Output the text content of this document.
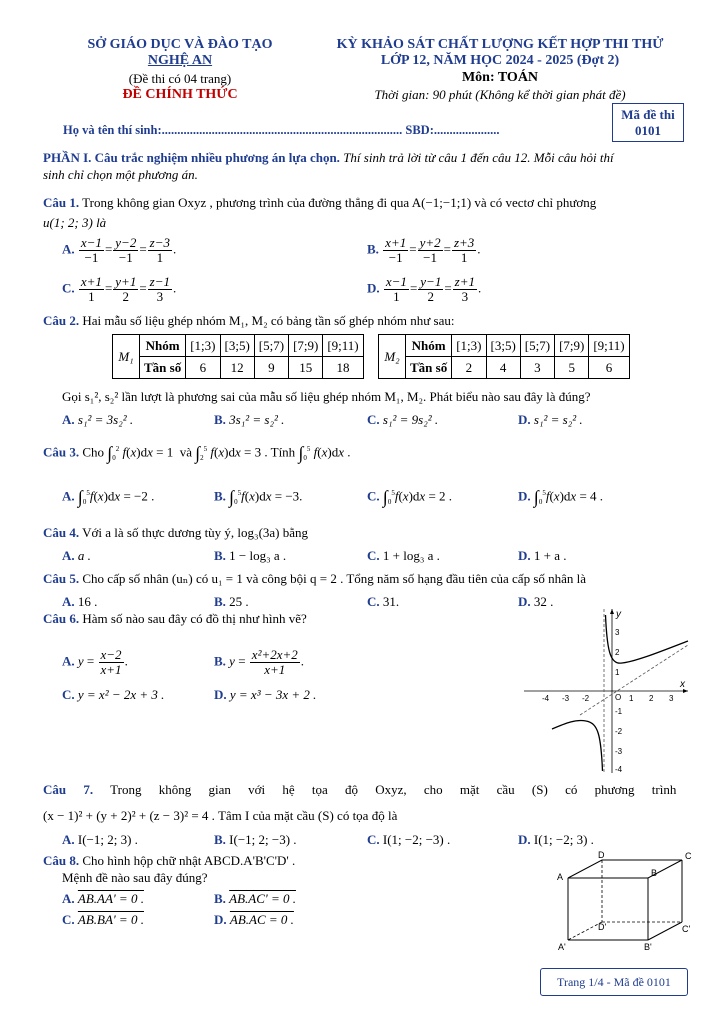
SỞ GIÁO DỤC VÀ ĐÀO TẠO
NGHỆ AN
(Đề thi có 04 trang)
ĐỀ CHÍNH THỨC
KỲ KHẢO SÁT CHẤT LƯỢNG KẾT HỢP THI THỬ
LỚP 12, NĂM HỌC 2024 - 2025 (Đợt 2)
Môn: TOÁN
Thời gian: 90 phút (Không kể thời gian phát đề)
Mã đề thi
0101
Họ và tên thí sinh:............................................................................. SBD:.....................
PHẦN I. Câu trắc nghiệm nhiều phương án lựa chọn. Thí sinh trả lời từ câu 1 đến câu 12. Mỗi câu hỏi thí
sinh chỉ chọn một phương án.
Câu 1. Trong không gian Oxyz , phương trình của đường thẳng đi qua A(−1;−1;1) và có vectơ chỉ phương
u(1; 2; 3) là
A. $\frac{x-1}{-1} = \frac{y-2}{-1} = \frac{z-3}{1}$ .	B. $\frac{x+1}{-1} = \frac{y+2}{-1} = \frac{z+3}{1}$ .
C. $\frac{x+1}{1} = \frac{y+1}{2} = \frac{z-1}{3}$ .	D. $\frac{x-1}{1} = \frac{y-1}{2} = \frac{z+1}{3}$ .
Câu 2. Hai mẫu số liệu ghép nhóm M₁, M₂ có bảng tần số ghép nhóm như sau:
M₁	Nhóm	[1;3)	[3;5)	[5;7)	[7;9)	[9;11)
	Tần số	6	12	9	15	18
M₂	Nhóm	[1;3)	[3;5)	[5;7)	[7;9)	[9;11)
	Tần số	2	4	3	5	6
Gọi s₁², s₂² lần lượt là phương sai của mẫu số liệu ghép nhóm M₁, M₂. Phát biểu nào sau đây là đúng?
A. s₁² = 3s₂² .	B. 3s₁² = s₂² .	C. s₁² = 9s₂² .	D. s₁² = s₂² .
Câu 3. Cho $\int_0^2$ f(x)dx = 1  và $\int_2^5$ f(x)dx = 3 . Tính $\int_0^5$ f(x)dx .
A. $\int_0^5f(x)dx = -2$ .	B. $\int_0^5f(x)dx = -3$.	C. $\int_0^5f(x)dx = 2$ .	D. $\int_0^5f(x)dx = 4$ .
Câu 4. Với a là số thực dương tùy ý, log₃(3a) bằng
A. a .	B. 1 − log₃ a .	C. 1 + log₃ a .	D. 1 + a .
Câu 5. Cho cấp số nhân (uₙ) có u₁ = 1 và công bội q = 2 . Tổng năm số hạng đầu tiên của cấp số nhân là
A. 16 .	B. 25 .	C. 31.	D. 32 .
Câu 6. Hàm số nào sau đây có đồ thị như hình vẽ?
A. $y = \frac{x-2}{x+1}$ .	B. $y = \frac{\text{x²+2x+2}}{x+1}$ .
C. y = x² − 2x + 3 .	D. y = x³ − 3x + 2 .
x
y
O
-4 -3 -2	1 2 3
3
2
1
-1
-2
-3
-4
Câu 7. Trong không gian với hệ tọa độ Oxyz, cho mặt cầu (S) có phương trình
(x − 1)² + (y + 2)² + (z − 3)² = 4 . Tâm I của mặt cầu (S) có tọa độ là
A. I(−1; 2; 3) .	B. I(−1; 2; −3) .	C. I(1; −2; −3) .	D. I(1; −2; 3) .
Câu 8. Cho hình hộp chữ nhật ABCD.A'B'C'D' .
Mệnh đề nào sau đây đúng?
A. AB.AA' = 0 .	B. AB.AC' = 0 .
C. AB.BA' = 0 .	D. AB.AC = 0 .
A	B
C
D
A'	B'
C'
D'
Trang 1/4 - Mã đề 0101
